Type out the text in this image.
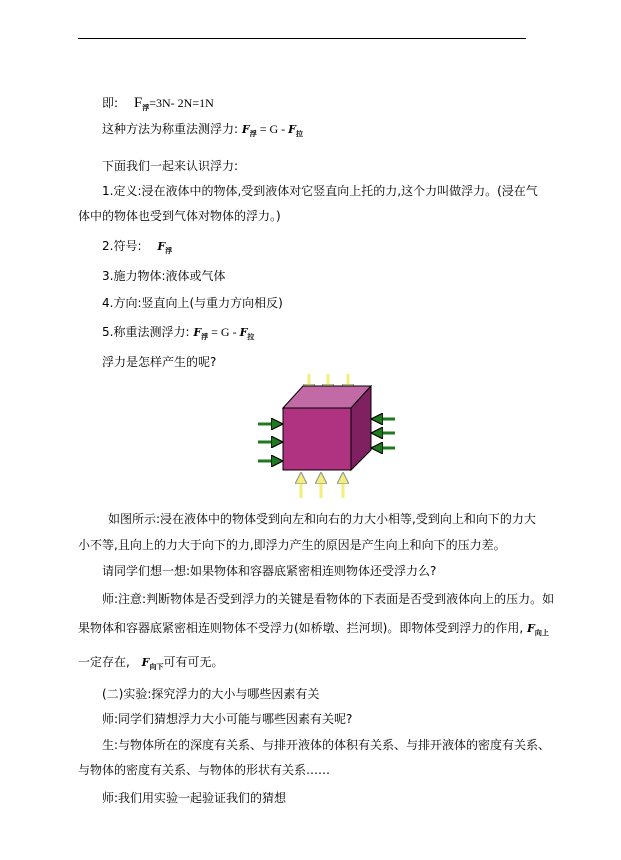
即: $F_浮=3N-$ 2N=1N
这种方法为称重法测浮力: $F_浮 = G - F_拉$
下面我们一起来认识浮力:
1.定义:浸在液体中的物体,受到液体对它竖直向上托的力,这个力叫做浮力。(浸在气
体中的物体也受到气体对物体的浮力。)
2.符号: $F_浮$
3.施力物体:液体或气体
4.方向:竖直向上(与重力方向相反)
5.称重法测浮力: $F_浮 = G - F_拉$
浮力是怎样产生的呢?
如图所示:浸在液体中的物体受到向左和向右的力大小相等,受到向上和向下的力大
小不等,且向上的力大于向下的力,即浮力产生的原因是产生向上和向下的压力差。
请同学们想一想:如果物体和容器底紧密相连则物体还受浮力么?
师:注意:判断物体是否受到浮力的关键是看物体的下表面是否受到液体向上的压力。如
果物体和容器底紧密相连则物体不受浮力(如桥墩、拦河坝)。即物体受到浮力的作用, $F_{向上}$
一定存在, $F_{向下}$可有可无。
(二)实验:探究浮力的大小与哪些因素有关
师:同学们猜想浮力大小可能与哪些因素有关呢?
生:与物体所在的深度有关系、与排开液体的体积有关系、与排开液体的密度有关系、
与物体的密度有关系、与物体的形状有关系……
师:我们用实验一起验证我们的猜想
